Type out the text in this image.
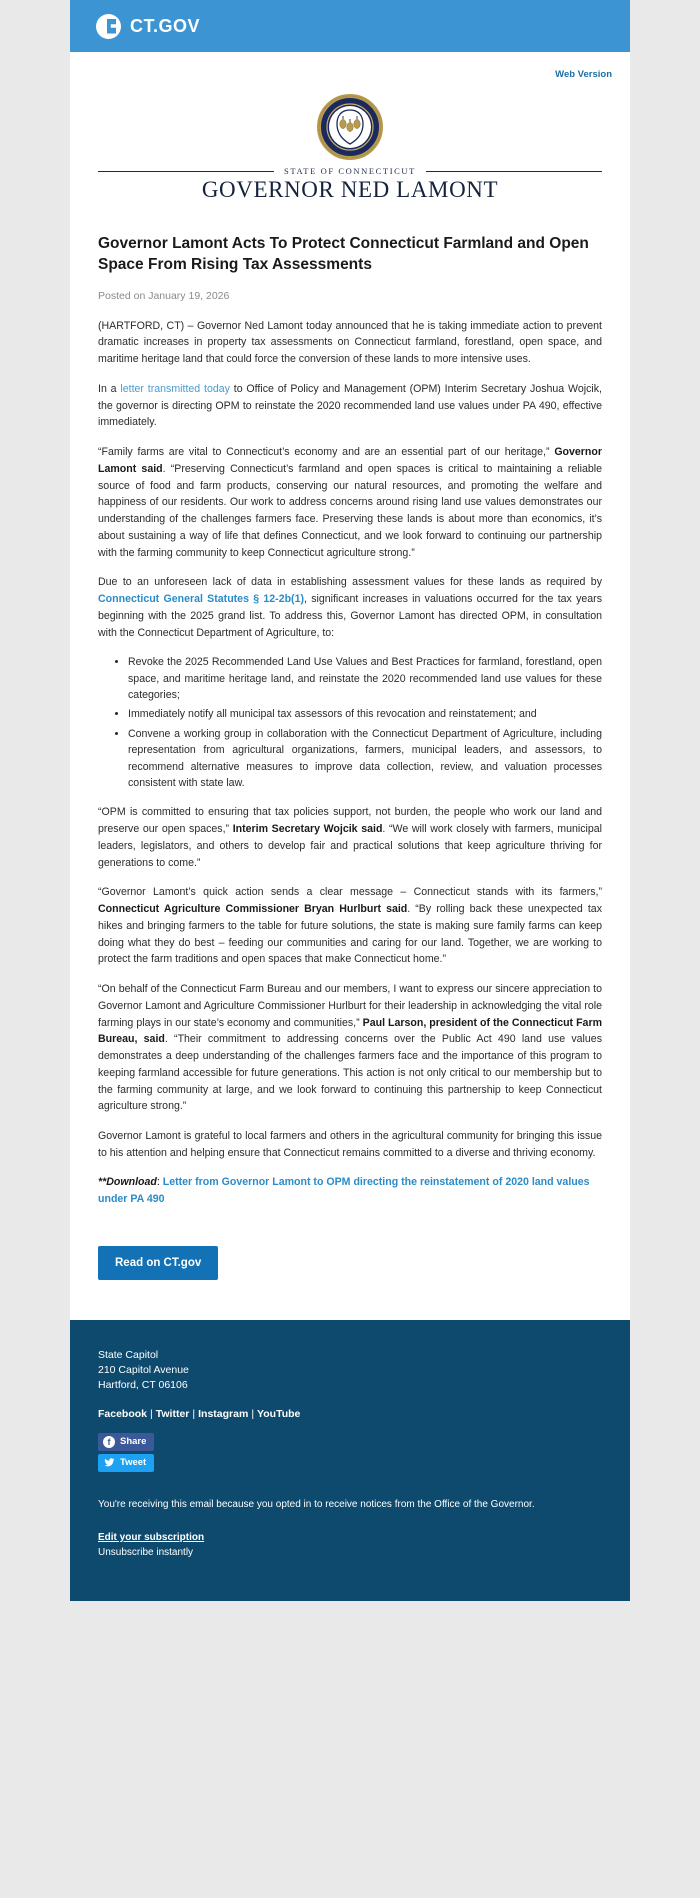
CT.GOV
Web Version
STATE OF CONNECTICUT
GOVERNOR NED LAMONT
Governor Lamont Acts To Protect Connecticut Farmland and Open Space From Rising Tax Assessments
Posted on January 19, 2026

(HARTFORD, CT) – Governor Ned Lamont today announced that he is taking immediate action to prevent dramatic increases in property tax assessments on Connecticut farmland, forestland, open space, and maritime heritage land that could force the conversion of these lands to more intensive uses.

In a letter transmitted today to Office of Policy and Management (OPM) Interim Secretary Joshua Wojcik, the governor is directing OPM to reinstate the 2020 recommended land use values under PA 490, effective immediately.

“Family farms are vital to Connecticut’s economy and are an essential part of our heritage,” Governor Lamont said. “Preserving Connecticut’s farmland and open spaces is critical to maintaining a reliable source of food and farm products, conserving our natural resources, and promoting the welfare and happiness of our residents. Our work to address concerns around rising land use values demonstrates our understanding of the challenges farmers face. Preserving these lands is about more than economics, it’s about sustaining a way of life that defines Connecticut, and we look forward to continuing our partnership with the farming community to keep Connecticut agriculture strong.”

Due to an unforeseen lack of data in establishing assessment values for these lands as required by Connecticut General Statutes § 12-2b(1), significant increases in valuations occurred for the tax years beginning with the 2025 grand list. To address this, Governor Lamont has directed OPM, in consultation with the Connecticut Department of Agriculture, to:

• Revoke the 2025 Recommended Land Use Values and Best Practices for farmland, forestland, open space, and maritime heritage land, and reinstate the 2020 recommended land use values for these categories;
• Immediately notify all municipal tax assessors of this revocation and reinstatement; and
• Convene a working group in collaboration with the Connecticut Department of Agriculture, including representation from agricultural organizations, farmers, municipal leaders, and assessors, to recommend alternative measures to improve data collection, review, and valuation processes consistent with state law.

“OPM is committed to ensuring that tax policies support, not burden, the people who work our land and preserve our open spaces,” Interim Secretary Wojcik said. “We will work closely with farmers, municipal leaders, legislators, and others to develop fair and practical solutions that keep agriculture thriving for generations to come.”

“Governor Lamont’s quick action sends a clear message – Connecticut stands with its farmers,” Connecticut Agriculture Commissioner Bryan Hurlburt said. “By rolling back these unexpected tax hikes and bringing farmers to the table for future solutions, the state is making sure family farms can keep doing what they do best – feeding our communities and caring for our land. Together, we are working to protect the farm traditions and open spaces that make Connecticut home.”

“On behalf of the Connecticut Farm Bureau and our members, I want to express our sincere appreciation to Governor Lamont and Agriculture Commissioner Hurlburt for their leadership in acknowledging the vital role farming plays in our state’s economy and communities,” Paul Larson, president of the Connecticut Farm Bureau, said. “Their commitment to addressing concerns over the Public Act 490 land use values demonstrates a deep understanding of the challenges farmers face and the importance of this program to keeping farmland accessible for future generations. This action is not only critical to our membership but to the farming community at large, and we look forward to continuing this partnership to keep Connecticut agriculture strong.”

Governor Lamont is grateful to local farmers and others in the agricultural community for bringing this issue to his attention and helping ensure that Connecticut remains committed to a diverse and thriving economy.

**Download: Letter from Governor Lamont to OPM directing the reinstatement of 2020 land values under PA 490

Read on CT.gov
State Capitol
210 Capitol Avenue
Hartford, CT 06106
Facebook | Twitter | Instagram | YouTube
f	Share

Tweet
You're receiving this email because you opted in to receive notices from the Office of the Governor.
Edit your subscription
Unsubscribe instantly
